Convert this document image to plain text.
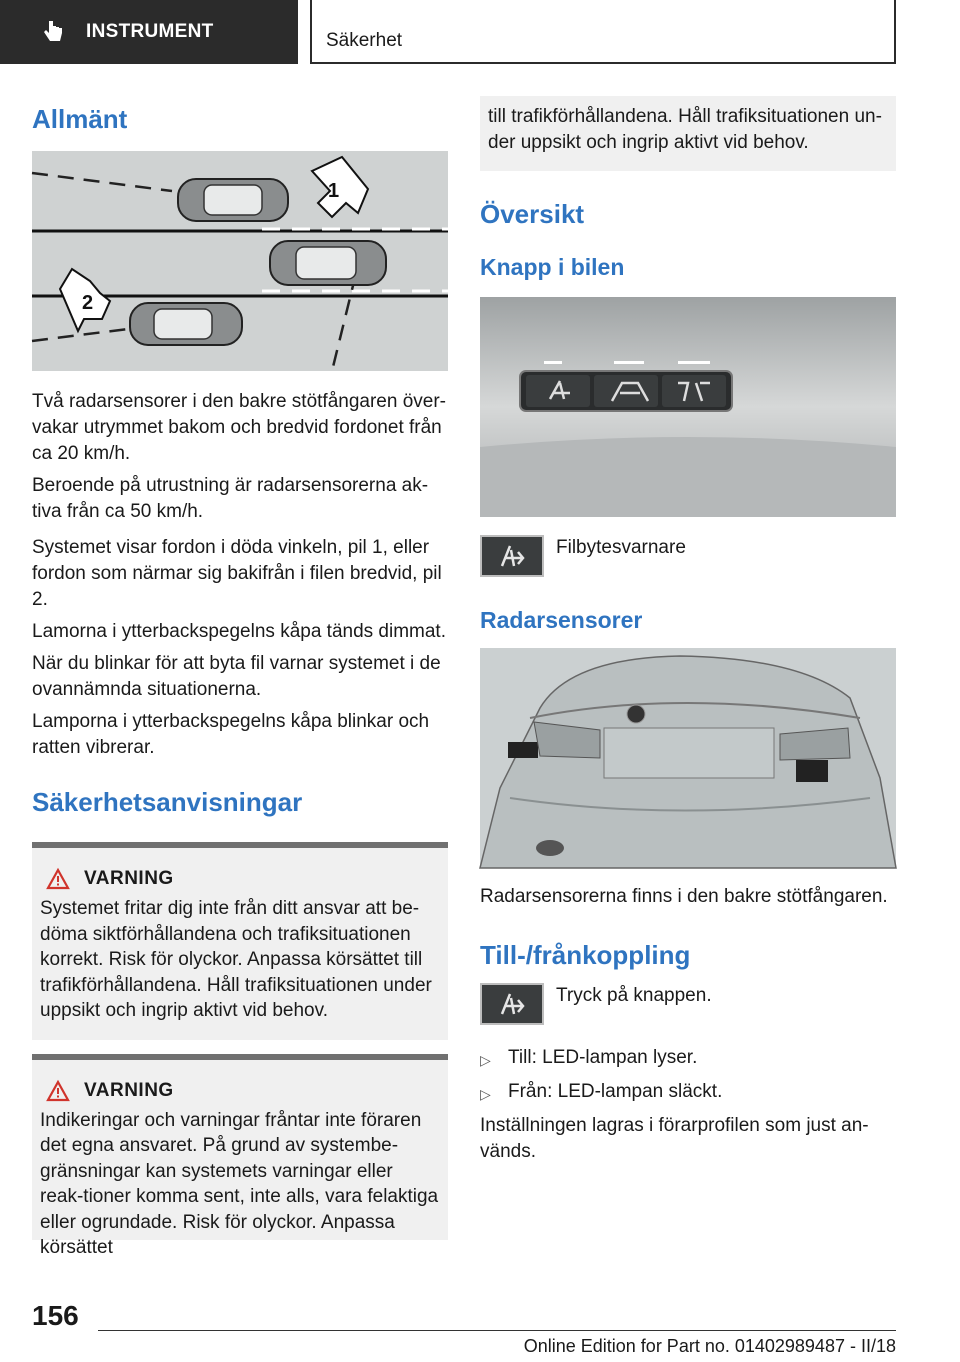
INSTRUMENT	Säkerhet
Allmänt
1
2

Två radarsensorer i den bakre stötfångaren över-vakar utrymmet bakom och bredvid fordonet från ca 20 km/h.

Beroende på utrustning är radarsensorerna ak-tiva från ca 50 km/h.

Systemet visar fordon i döda vinkeln, pil 1, eller fordon som närmar sig bakifrån i filen bredvid, pil 2.

Lamorna i ytterbackspegelns kåpa tänds dimmat.

När du blinkar för att byta fil varnar systemet i de ovannämnda situationerna.

Lamporna i ytterbackspegelns kåpa blinkar och ratten vibrerar.

Säkerhetsanvisningar
VARNING

Systemet fritar dig inte från ditt ansvar att be-döma siktförhållandena och trafiksituationen korrekt. Risk för olyckor. Anpassa körsättet till trafikförhållandena. Håll trafiksituationen under uppsikt och ingrip aktivt vid behov.

VARNING

Indikeringar och varningar fråntar inte föraren det egna ansvaret. På grund av systembe-gränsningar kan systemets varningar eller reak-tioner komma sent, inte alls, vara felaktiga eller ogrundade. Risk för olyckor. Anpassa körsättet

till trafikförhållandena. Håll trafiksituationen un-der uppsikt och ingrip aktivt vid behov.

Översikt
Knapp i bilen

Filbytesvarnare

Radarsensorer

Radarsensorerna finns i den bakre stötfångaren.

Till-/frånkoppling

Tryck på knappen.

▷ Till: LED-lampan lyser.
▷ Från: LED-lampan släckt.

Inställningen lagras i förarprofilen som just an-vänds.

156
Online Edition for Part no. 01402989487 - II/18
